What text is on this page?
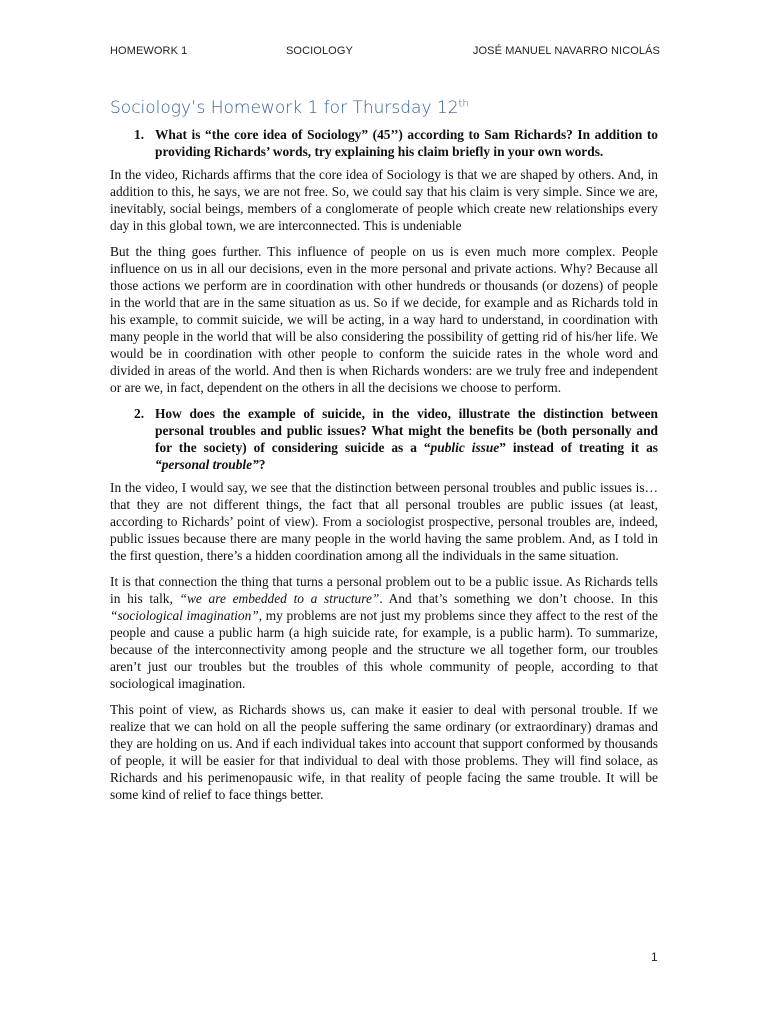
HOMEWORK 1	SOCIOLOGY	JOSÉ MANUEL NAVARRO NICOLÁS
Sociology’s Homework 1 for Thursday 12th
1. What is “the core idea of Sociology” (45’’) according to Sam Richards? In addition to providing Richards’ words, try explaining his claim briefly in your own words.

In the video, Richards affirms that the core idea of Sociology is that we are shaped by others. And, in addition to this, he says, we are not free. So, we could say that his claim is very simple. Since we are, inevitably, social beings, members of a conglomerate of people which create new relationships every day in this global town, we are interconnected. This is undeniable

But the thing goes further. This influence of people on us is even much more complex. People influence on us in all our decisions, even in the more personal and private actions. Why? Because all those actions we perform are in coordination with other hundreds or thousands (or dozens) of people in the world that are in the same situation as us. So if we decide, for example and as Richards told in his example, to commit suicide, we will be acting, in a way hard to understand, in coordination with many people in the world that will be also considering the possibility of getting rid of his/her life. We would be in coordination with other people to conform the suicide rates in the whole word and divided in areas of the world. And then is when Richards wonders: are we truly free and independent or are we, in fact, dependent on the others in all the decisions we choose to perform.

2. How does the example of suicide, in the video, illustrate the distinction between personal troubles and public issues? What might the benefits be (both personally and for the society) of considering suicide as a “public issue” instead of treating it as “personal trouble”?

In the video, I would say, we see that the distinction between personal troubles and public issues is… that they are not different things, the fact that all personal troubles are public issues (at least, according to Richards’ point of view). From a sociologist prospective, personal troubles are, indeed, public issues because there are many people in the world having the same problem. And, as I told in the first question, there’s a hidden coordination among all the individuals in the same situation.

It is that connection the thing that turns a personal problem out to be a public issue. As Richards tells in his talk, “we are embedded to a structure”. And that’s something we don’t choose. In this “sociological imagination”, my problems are not just my problems since they affect to the rest of the people and cause a public harm (a high suicide rate, for example, is a public harm). To summarize, because of the interconnectivity among people and the structure we all together form, our troubles aren’t just our troubles but the troubles of this whole community of people, according to that sociological imagination.

This point of view, as Richards shows us, can make it easier to deal with personal trouble. If we realize that we can hold on all the people suffering the same ordinary (or extraordinary) dramas and they are holding on us. And if each individual takes into account that support conformed by thousands of people, it will be easier for that individual to deal with those problems. They will find solace, as Richards and his perimenopausic wife, in that reality of people facing the same trouble. It will be some kind of relief to face things better.

1
